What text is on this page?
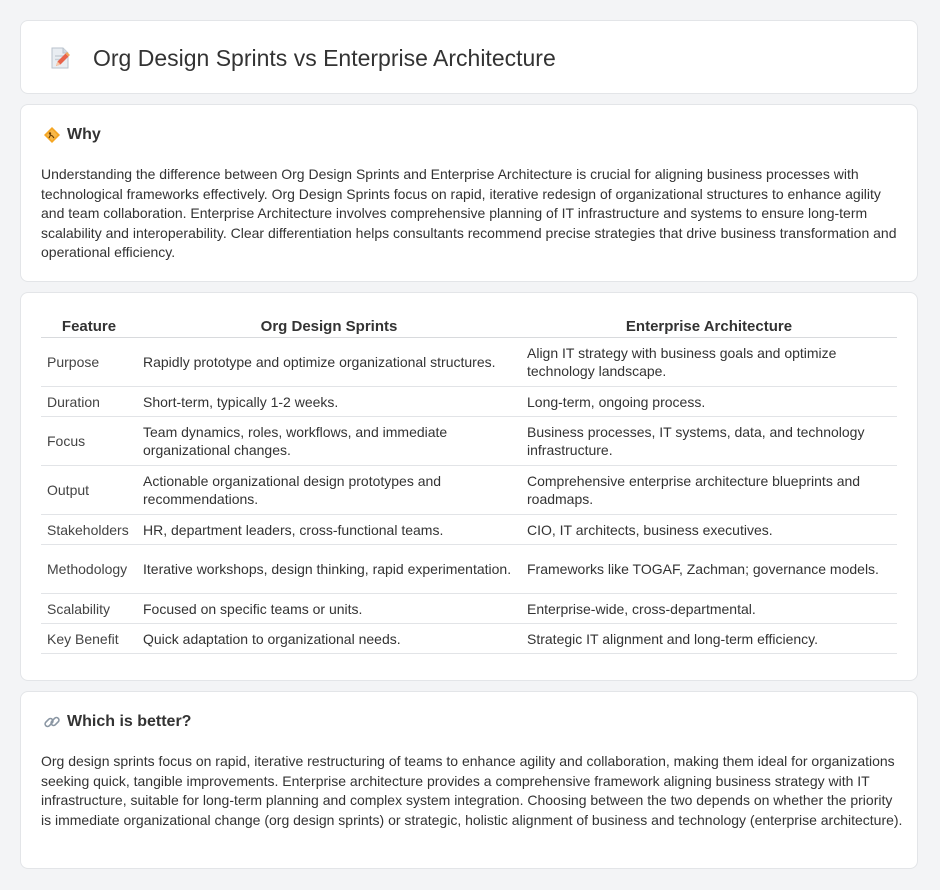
Org Design Sprints vs Enterprise Architecture
Why

Understanding the difference between Org Design Sprints and Enterprise Architecture is crucial for aligning business processes with technological frameworks effectively. Org Design Sprints focus on rapid, iterative redesign of organizational structures to enhance agility and team collaboration. Enterprise Architecture involves comprehensive planning of IT infrastructure and systems to ensure long-term scalability and interoperability. Clear differentiation helps consultants recommend precise strategies that drive business transformation and operational efficiency.

Feature	Org Design Sprints	Enterprise Architecture
Purpose	Rapidly prototype and optimize organizational structures.	Align IT strategy with business goals and optimize technology landscape.
Duration	Short-term, typically 1-2 weeks.	Long-term, ongoing process.
Focus	Team dynamics, roles, workflows, and immediate organizational changes.	Business processes, IT systems, data, and technology infrastructure.
Output	Actionable organizational design prototypes and recommendations.	Comprehensive enterprise architecture blueprints and roadmaps.
Stakeholders	HR, department leaders, cross-functional teams.	CIO, IT architects, business executives.
Methodology	Iterative workshops, design thinking, rapid experimentation.	Frameworks like TOGAF, Zachman; governance models.
Scalability	Focused on specific teams or units.	Enterprise-wide, cross-departmental.
Key Benefit	Quick adaptation to organizational needs.	Strategic IT alignment and long-term efficiency.
Which is better?

Org design sprints focus on rapid, iterative restructuring of teams to enhance agility and collaboration, making them ideal for organizations seeking quick, tangible improvements. Enterprise architecture provides a comprehensive framework aligning business strategy with IT infrastructure, suitable for long-term planning and complex system integration. Choosing between the two depends on whether the priority is immediate organizational change (org design sprints) or strategic, holistic alignment of business and technology (enterprise architecture).
